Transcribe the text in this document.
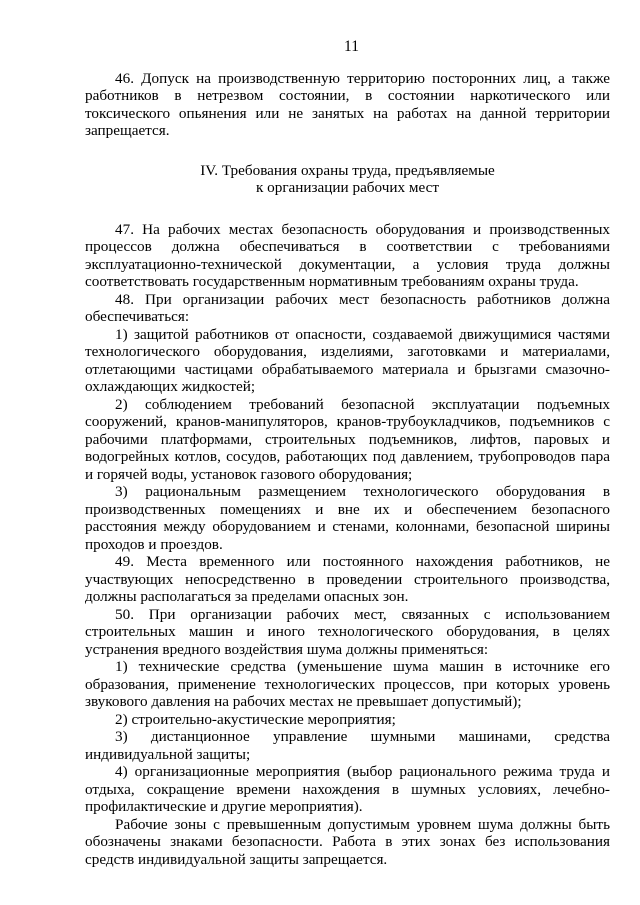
11

46. Допуск на производственную территорию посторонних лиц, а также работников в нетрезвом состоянии, в состоянии наркотического или токсического опьянения или не занятых на работах на данной территории запрещается.

IV. Требования охраны труда, предъявляемые
к организации рабочих мест

47. На рабочих местах безопасность оборудования и производственных процессов должна обеспечиваться в соответствии с требованиями эксплуатационно-технической документации, а условия труда должны соответствовать государственным нормативным требованиям охраны труда.

48. При организации рабочих мест безопасность работников должна обеспечиваться:

1) защитой работников от опасности, создаваемой движущимися частями технологического оборудования, изделиями, заготовками и материалами, отлетающими частицами обрабатываемого материала и брызгами смазочно-охлаждающих жидкостей;

2) соблюдением требований безопасной эксплуатации подъемных сооружений, кранов-манипуляторов, кранов-трубоукладчиков, подъемников с рабочими платформами, строительных подъемников, лифтов, паровых и водогрейных котлов, сосудов, работающих под давлением, трубопроводов пара и горячей воды, установок газового оборудования;

3) рациональным размещением технологического оборудования в производственных помещениях и вне их и обеспечением безопасного расстояния между оборудованием и стенами, колоннами, безопасной ширины проходов и проездов.

49. Места временного или постоянного нахождения работников, не участвующих непосредственно в проведении строительного производства, должны располагаться за пределами опасных зон.

50. При организации рабочих мест, связанных с использованием строительных машин и иного технологического оборудования, в целях устранения вредного воздействия шума должны применяться:

1) технические средства (уменьшение шума машин в источнике его образования, применение технологических процессов, при которых уровень звукового давления на рабочих местах не превышает допустимый);

2) строительно-акустические мероприятия;

3) дистанционное управление шумными машинами, средства индивидуальной защиты;

4) организационные мероприятия (выбор рационального режима труда и отдыха, сокращение времени нахождения в шумных условиях, лечебно-профилактические и другие мероприятия).

Рабочие зоны с превышенным допустимым уровнем шума должны быть обозначены знаками безопасности. Работа в этих зонах без использования средств индивидуальной защиты запрещается.
